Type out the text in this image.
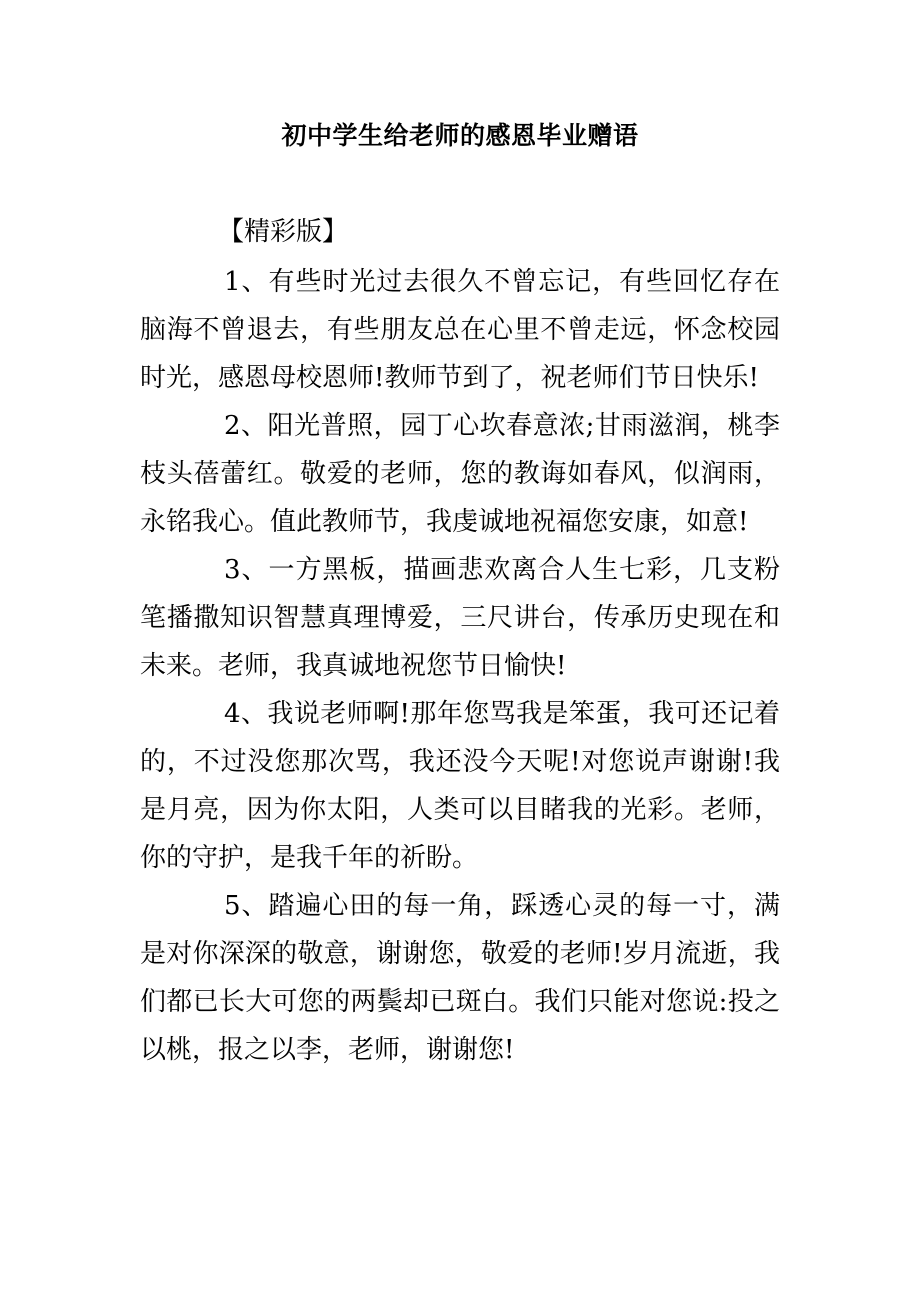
初中学生给老师的感恩毕业赠语
【精彩版】

1、有些时光过去很久不曾忘记，有些回忆存在脑海不曾退去，有些朋友总在心里不曾走远，怀念校园时光，感恩母校恩师!教师节到了，祝老师们节日快乐!

2、阳光普照，园丁心坎春意浓;甘雨滋润，桃李枝头蓓蕾红。敬爱的老师，您的教诲如春风，似润雨，永铭我心。值此教师节，我虔诚地祝福您安康，如意!

3、一方黑板，描画悲欢离合人生七彩，几支粉笔播撒知识智慧真理博爱，三尺讲台，传承历史现在和未来。老师，我真诚地祝您节日愉快!

4、我说老师啊!那年您骂我是笨蛋，我可还记着的，不过没您那次骂，我还没今天呢!对您说声谢谢!我是月亮，因为你太阳，人类可以目睹我的光彩。老师，你的守护，是我千年的祈盼。

5、踏遍心田的每一角，踩透心灵的每一寸，满是对你深深的敬意，谢谢您，敬爱的老师!岁月流逝，我们都已长大可您的两鬓却已斑白。我们只能对您说:投之以桃，报之以李，老师，谢谢您!
